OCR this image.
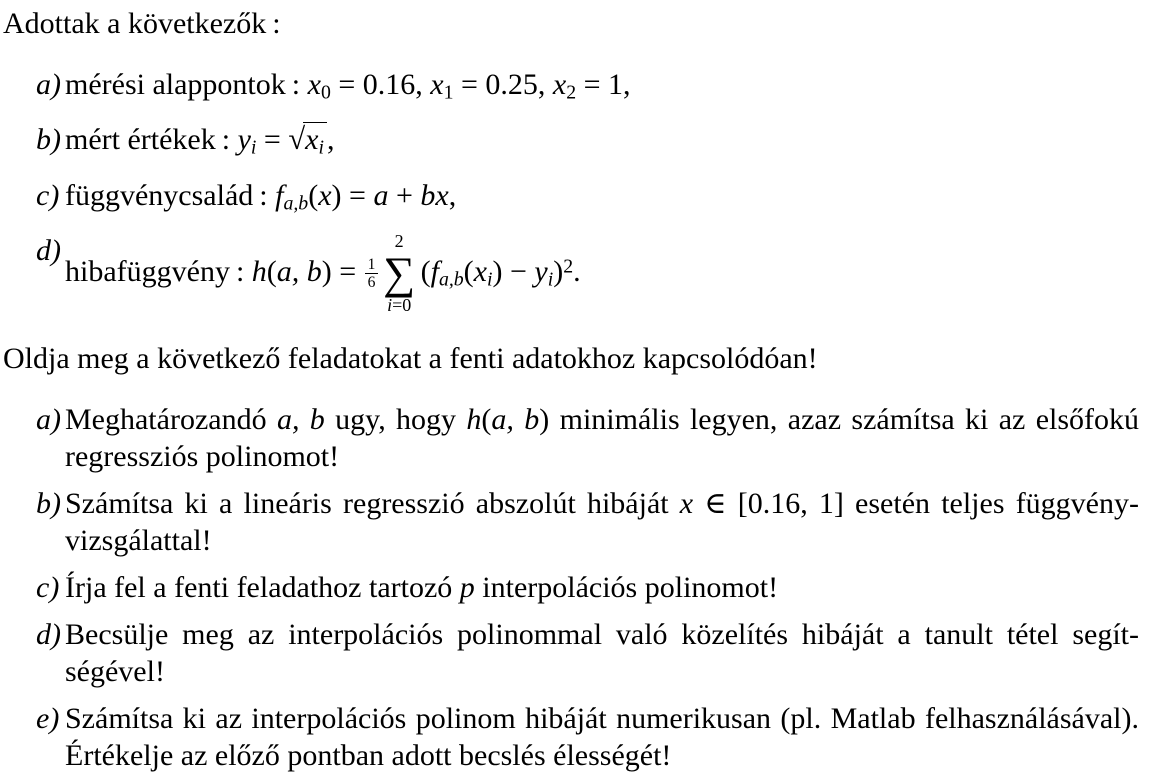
Adottak a következők :

a) mérési alappontok : $x_0 = 0.16$, $x_1 = 0.25$, $x_2 = 1$,
b) mért értékek : $y_i = √x_i$ ,
c) függvénycsalád : $f_{a,b}(x) = a$ + bx,
d)
hibafüggvény : h(a, $b) = \frac{1}{6}$
2
∑
i=0
$(f_{a,b}(x_i) - y_i)^2$.

Oldja meg a következő feladatokat a fenti adatokhoz kapcsolódóan!

a) Meghatározandó a, b ugy, hogy h(a, b) minimális legyen, azaz számítsa ki az elsőfokú regressziós polinomot!
b) Számítsa ki a lineáris regresszió abszolút hibáját x ∈ [0.16, 1] esetén teljes függvényvizsgálattal!
c) Írja fel a fenti feladathoz tartozó p interpolációs polinomot!
d) Becsülje meg az interpolációs polinommal való közelítés hibáját a tanult tétel segítségével!
e) Számítsa ki az interpolációs polinom hibáját numerikusan (pl. Matlab felhasználásával). Értékelje az előző pontban adott becslés élességét!
